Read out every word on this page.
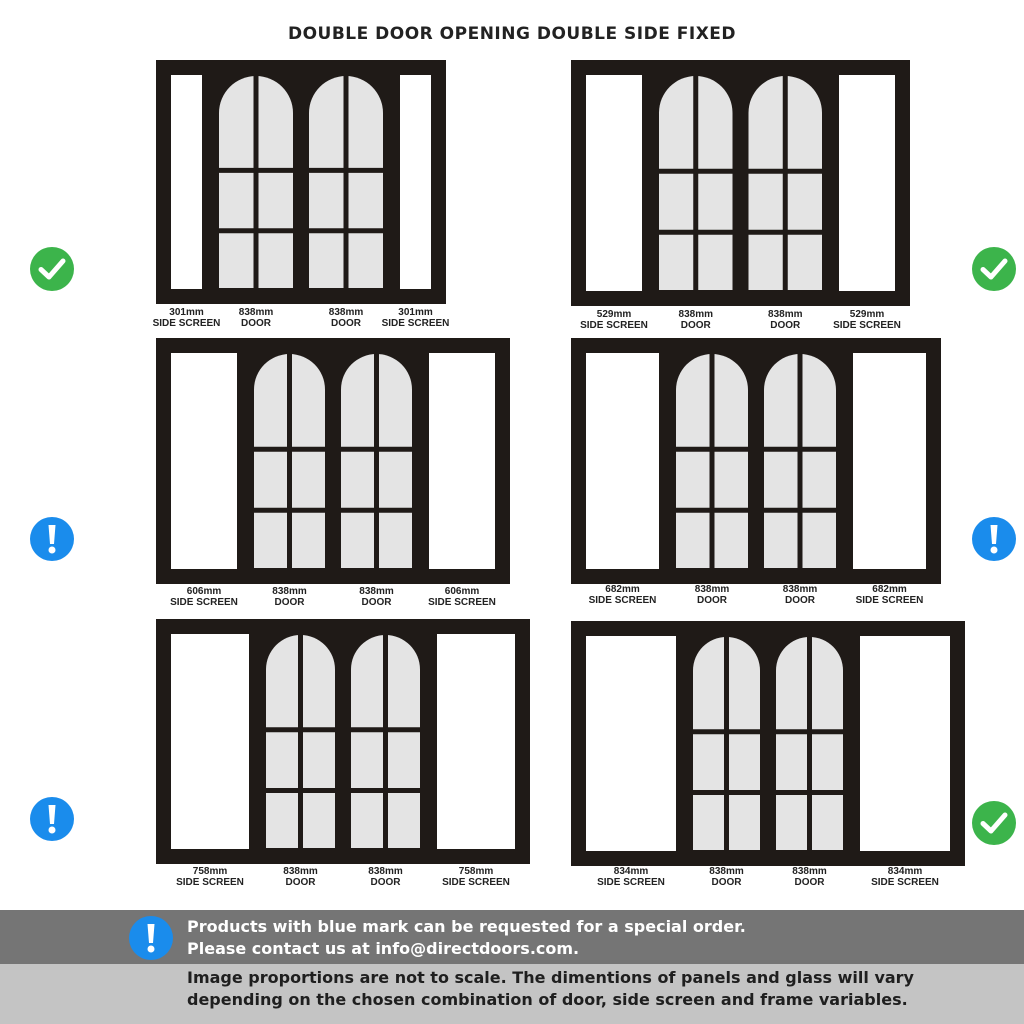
DOUBLE DOOR OPENING DOUBLE SIDE FIXED
301mm
SIDE SCREEN
838mm
DOOR
838mm
DOOR
301mm
SIDE SCREEN
529mm
SIDE SCREEN
838mm
DOOR
838mm
DOOR
529mm
SIDE SCREEN
606mm
SIDE SCREEN
838mm
DOOR
838mm
DOOR
606mm
SIDE SCREEN
682mm
SIDE SCREEN
838mm
DOOR
838mm
DOOR
682mm
SIDE SCREEN
758mm
SIDE SCREEN
838mm
DOOR
838mm
DOOR
758mm
SIDE SCREEN
834mm
SIDE SCREEN
838mm
DOOR
838mm
DOOR
834mm
SIDE SCREEN
Products with blue mark can be requested for a special order.
Please contact us at info@directdoors.com.
Image proportions are not to scale. The dimentions of panels and glass will vary
depending on the chosen combination of door, side screen and frame variables.
